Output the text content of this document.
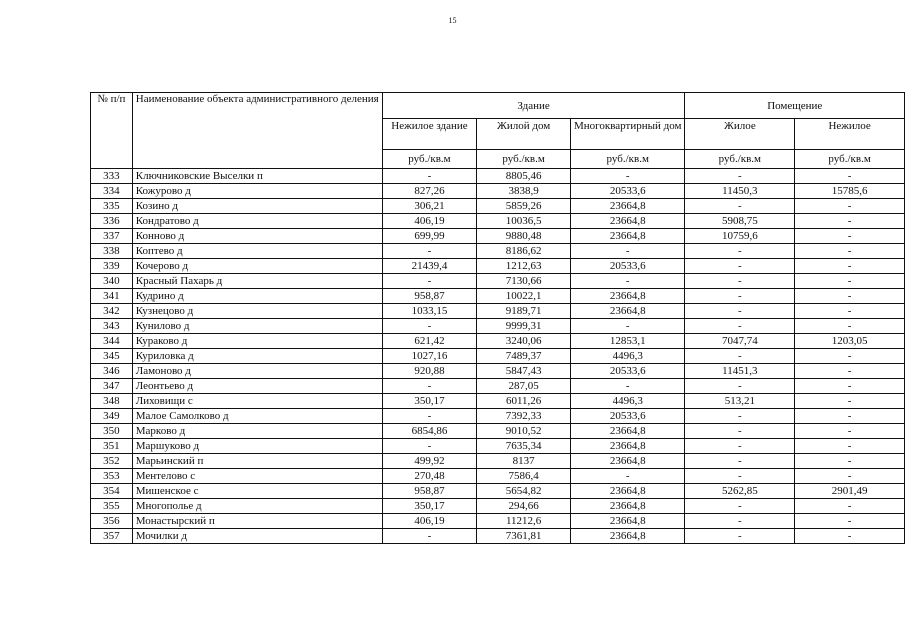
15
№ п/п	Наименование объекта административного деления	Здание			Помещение	
		Нежилое здание	Жилой дом	Многоквартирный дом	Жилое	Нежилое
		руб./кв.м	руб./кв.м	руб./кв.м	руб./кв.м	руб./кв.м
333	Ключниковские Выселки п	-	8805,46	-	-	-
334	Кожурово д	827,26	3838,9	20533,6	11450,3	15785,6
335	Козино д	306,21	5859,26	23664,8	-	-
336	Кондратово д	406,19	10036,5	23664,8	5908,75	-
337	Конново д	699,99	9880,48	23664,8	10759,6	-
338	Коптево д	-	8186,62	-	-	-
339	Кочерово д	21439,4	1212,63	20533,6	-	-
340	Красный Пахарь д	-	7130,66	-	-	-
341	Кудрино д	958,87	10022,1	23664,8	-	-
342	Кузнецово д	1033,15	9189,71	23664,8	-	-
343	Кунилово д	-	9999,31	-	-	-
344	Кураково д	621,42	3240,06	12853,1	7047,74	1203,05
345	Куриловка д	1027,16	7489,37	4496,3	-	-
346	Ламоново д	920,88	5847,43	20533,6	11451,3	-
347	Леонтьево д	-	287,05	-	-	-
348	Лиховищи с	350,17	6011,26	4496,3	513,21	-
349	Малое Самолково д	-	7392,33	20533,6	-	-
350	Марково д	6854,86	9010,52	23664,8	-	-
351	Маршуково д	-	7635,34	23664,8	-	-
352	Марьинский п	499,92	8137	23664,8	-	-
353	Ментелово с	270,48	7586,4	-	-	-
354	Мишенское с	958,87	5654,82	23664,8	5262,85	2901,49
355	Многополье д	350,17	294,66	23664,8	-	-
356	Монастырский п	406,19	11212,6	23664,8	-	-
357	Мочилки д	-	7361,81	23664,8	-	-
